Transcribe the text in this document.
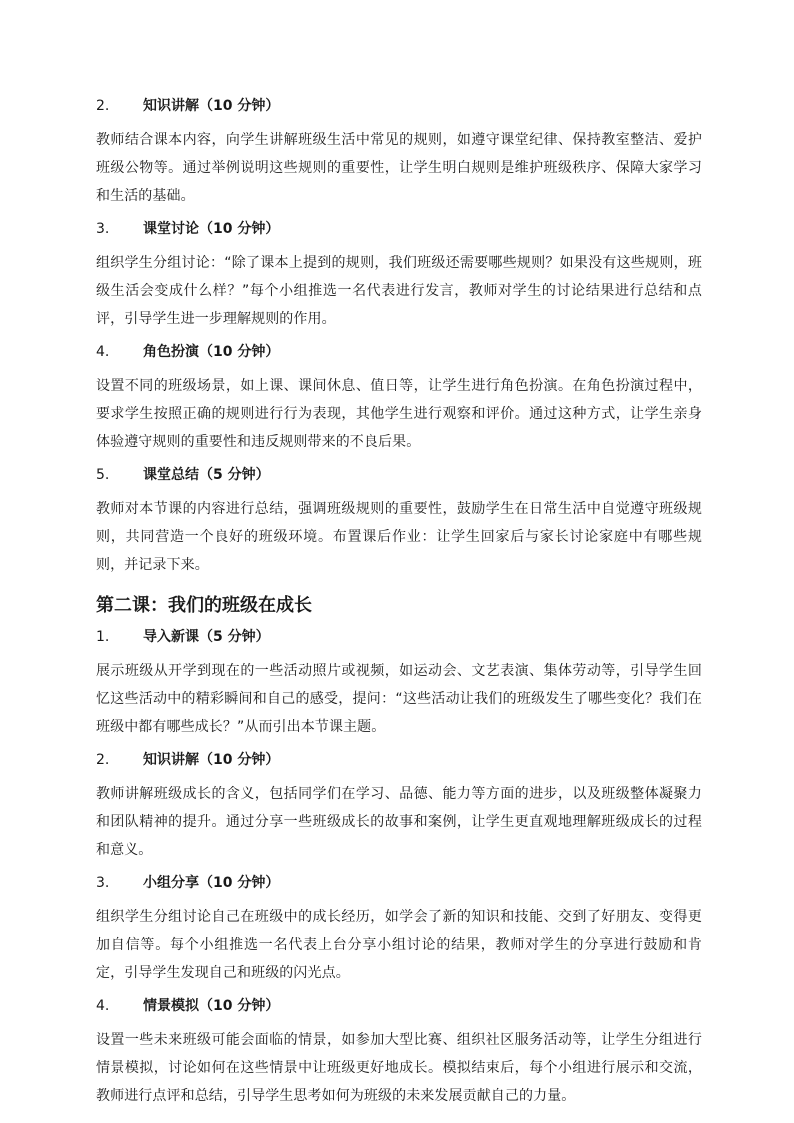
2.	知识讲解（10 分钟）

教师结合课本内容，向学生讲解班级生活中常见的规则，如遵守课堂纪律、保持教室整洁、爱护班级公物等。通过举例说明这些规则的重要性，让学生明白规则是维护班级秩序、保障大家学习和生活的基础。

3.	课堂讨论（10 分钟）

组织学生分组讨论：“除了课本上提到的规则，我们班级还需要哪些规则？如果没有这些规则，班级生活会变成什么样？”每个小组推选一名代表进行发言，教师对学生的讨论结果进行总结和点评，引导学生进一步理解规则的作用。

4.	角色扮演（10 分钟）

设置不同的班级场景，如上课、课间休息、值日等，让学生进行角色扮演。在角色扮演过程中，要求学生按照正确的规则进行行为表现，其他学生进行观察和评价。通过这种方式，让学生亲身体验遵守规则的重要性和违反规则带来的不良后果。

5.	课堂总结（5 分钟）

教师对本节课的内容进行总结，强调班级规则的重要性，鼓励学生在日常生活中自觉遵守班级规则，共同营造一个良好的班级环境。布置课后作业：让学生回家后与家长讨论家庭中有哪些规则，并记录下来。

第二课：我们的班级在成长
1.	导入新课（5 分钟）

展示班级从开学到现在的一些活动照片或视频，如运动会、文艺表演、集体劳动等，引导学生回忆这些活动中的精彩瞬间和自己的感受，提问：“这些活动让我们的班级发生了哪些变化？我们在班级中都有哪些成长？”从而引出本节课主题。

2.	知识讲解（10 分钟）

教师讲解班级成长的含义，包括同学们在学习、品德、能力等方面的进步，以及班级整体凝聚力和团队精神的提升。通过分享一些班级成长的故事和案例，让学生更直观地理解班级成长的过程和意义。

3.	小组分享（10 分钟）

组织学生分组讨论自己在班级中的成长经历，如学会了新的知识和技能、交到了好朋友、变得更加自信等。每个小组推选一名代表上台分享小组讨论的结果，教师对学生的分享进行鼓励和肯定，引导学生发现自己和班级的闪光点。

4.	情景模拟（10 分钟）

设置一些未来班级可能会面临的情景，如参加大型比赛、组织社区服务活动等，让学生分组进行情景模拟，讨论如何在这些情景中让班级更好地成长。模拟结束后，每个小组进行展示和交流，教师进行点评和总结，引导学生思考如何为班级的未来发展贡献自己的力量。
